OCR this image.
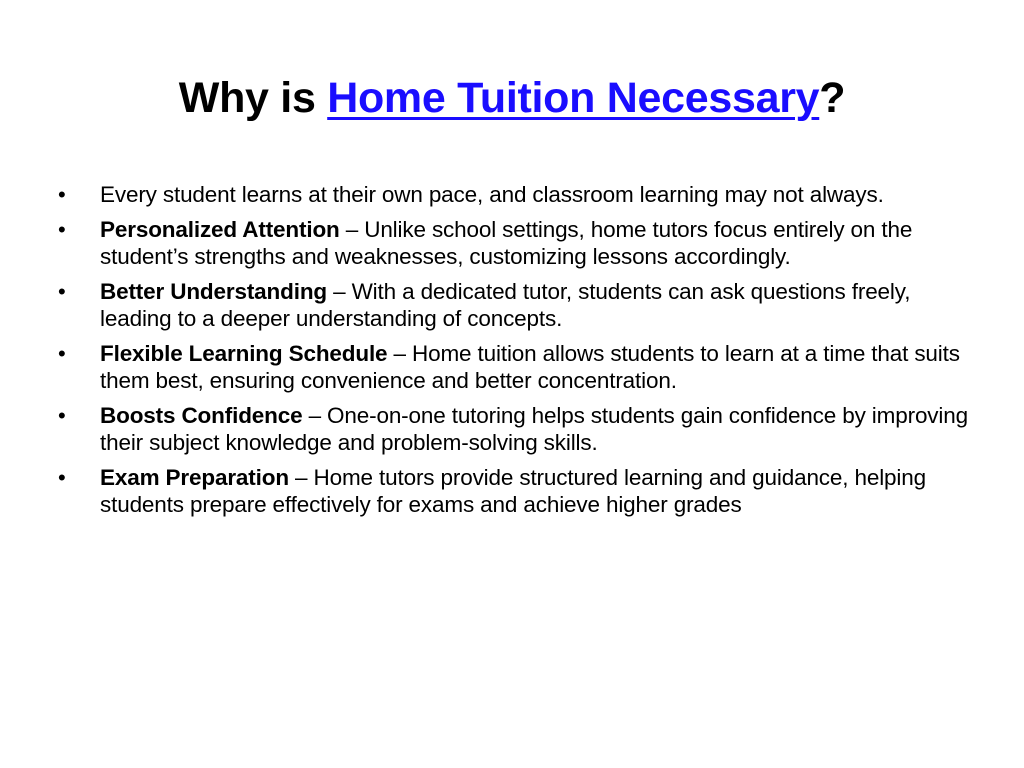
Why is Home Tuition Necessary?
• Every student learns at their own pace, and classroom learning may not always.
• Personalized Attention – Unlike school settings, home tutors focus entirely on the student’s strengths and weaknesses, customizing lessons accordingly.
• Better Understanding – With a dedicated tutor, students can ask questions freely, leading to a deeper understanding of concepts.
• Flexible Learning Schedule – Home tuition allows students to learn at a time that suits them best, ensuring convenience and better concentration.
• Boosts Confidence – One-on-one tutoring helps students gain confidence by improving their subject knowledge and problem-solving skills.
• Exam Preparation – Home tutors provide structured learning and guidance, helping students prepare effectively for exams and achieve higher grades
